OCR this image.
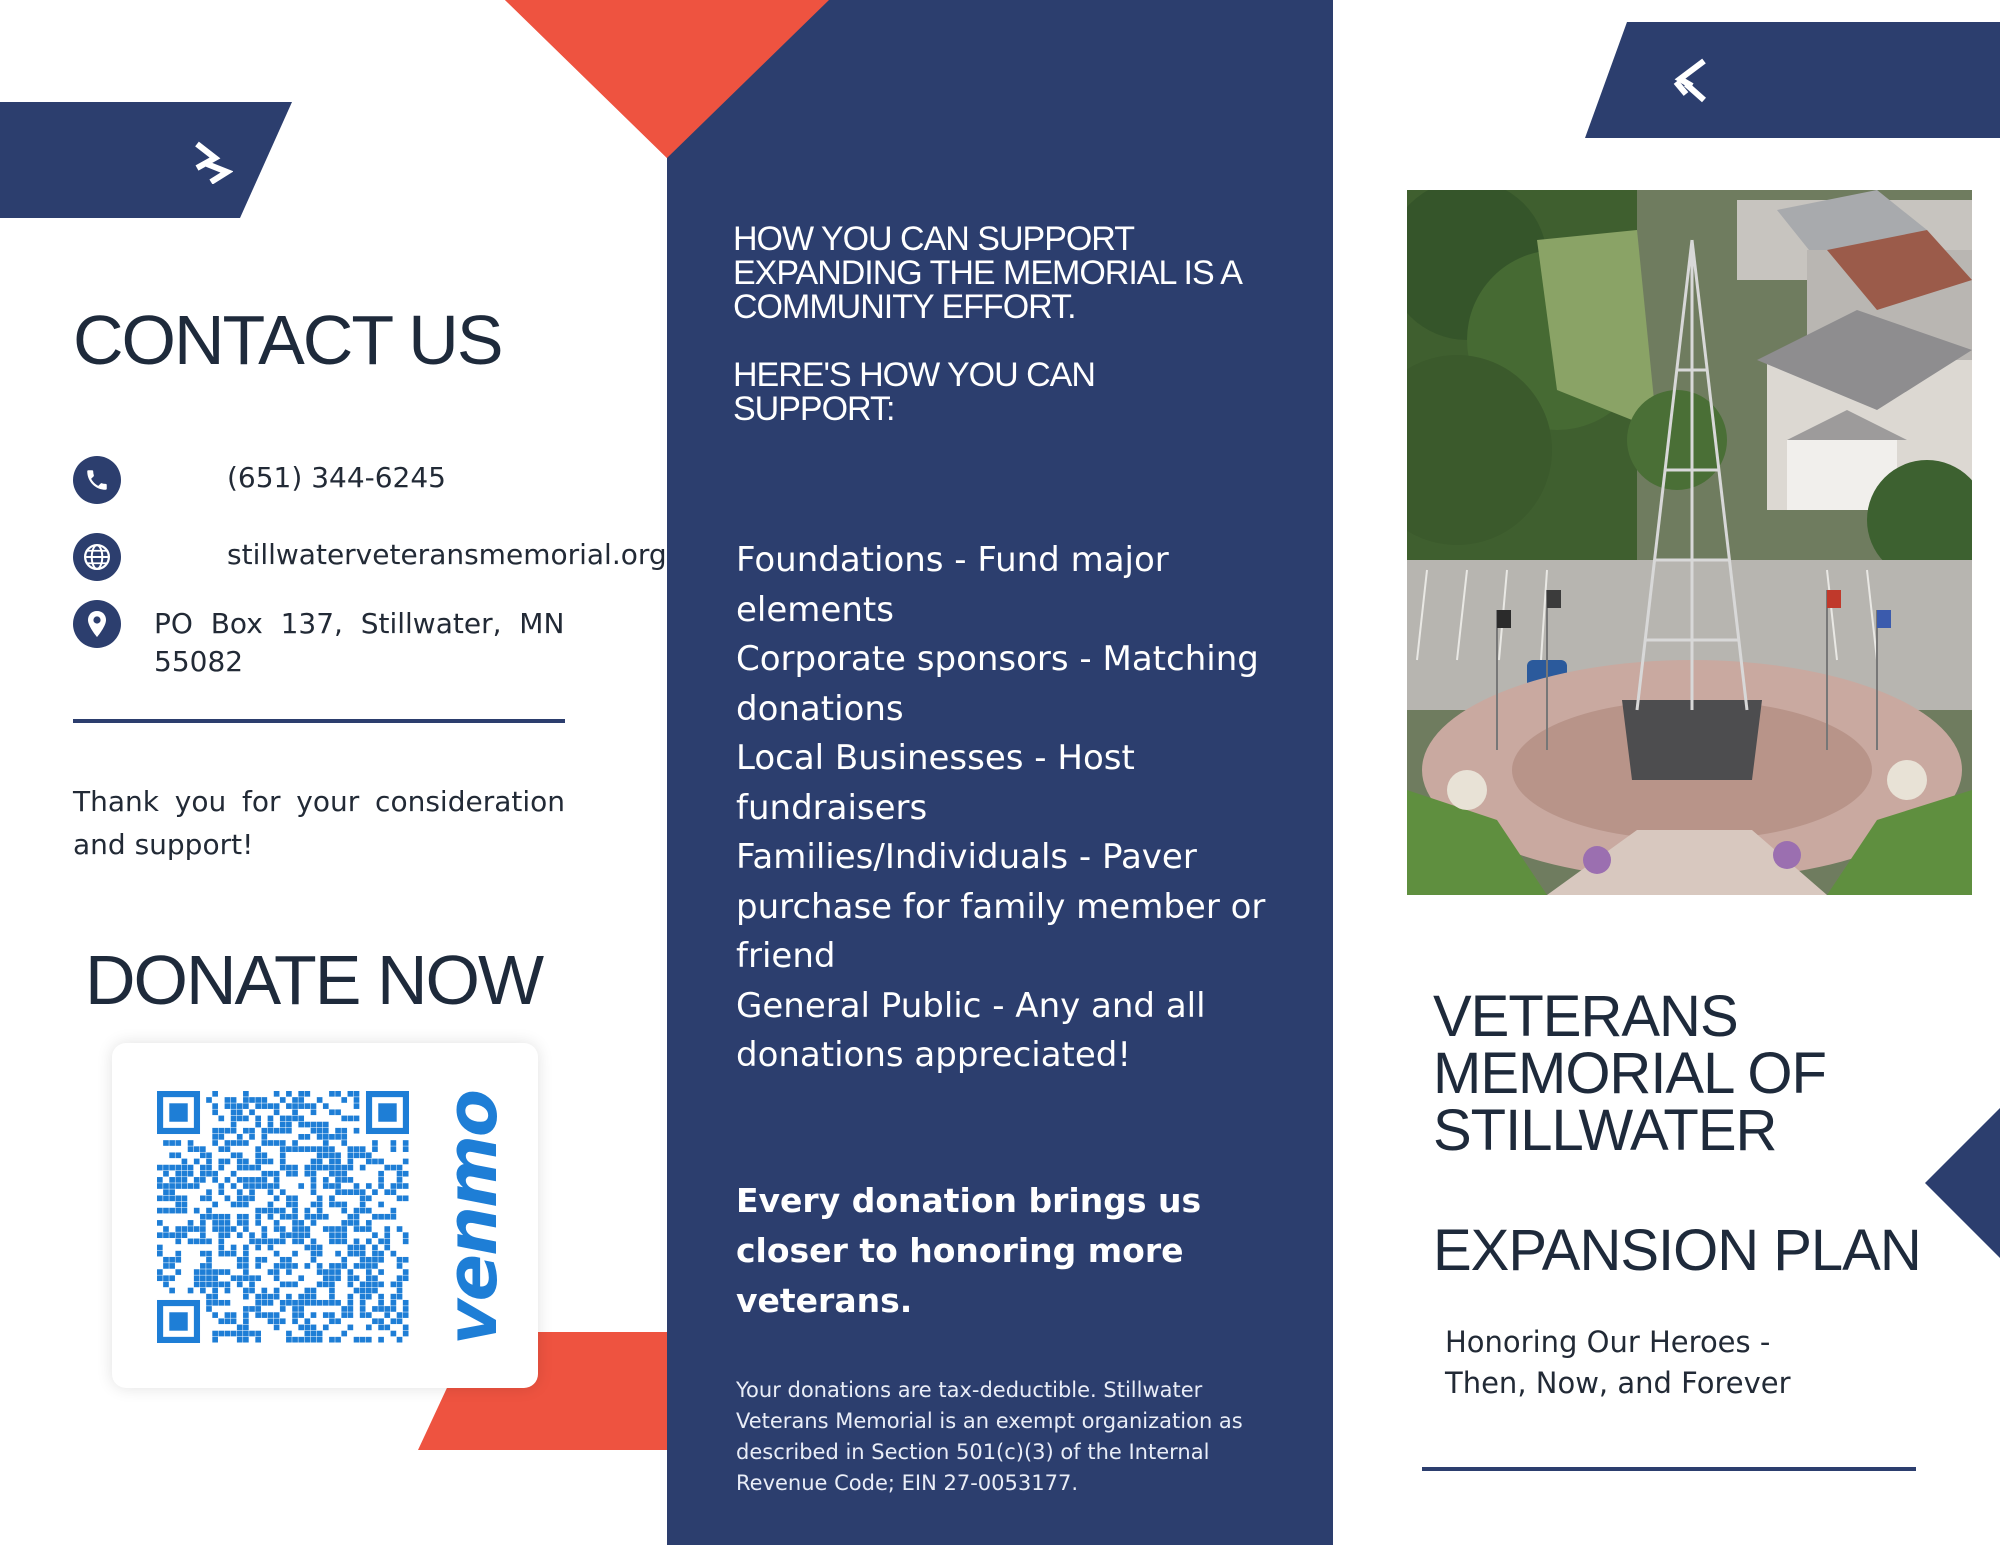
CONTACT US
(651) 344-6245
stillwaterveteransmemorial.org
PO  Box  137,  Stillwater,  MN
55082
Thank you for your consideration and support!
DONATE NOW
venmo
HOW YOU CAN SUPPORT
EXPANDING THE MEMORIAL IS A
COMMUNITY EFFORT.
HERE'S HOW YOU CAN
SUPPORT:
Foundations - Fund major elements
Corporate sponsors - Matching donations
Local Businesses - Host fundraisers
Families/Individuals - Paver purchase for family member or friend
General Public - Any and all donations appreciated!
Every donation brings us closer to honoring more veterans.
Your donations are tax-deductible. Stillwater Veterans Memorial is an exempt organization as described in Section 501(c)(3) of the Internal Revenue Code; EIN 27-0053177.
VETERANS
MEMORIAL OF
STILLWATER
EXPANSION PLAN
Honoring Our Heroes -
Then, Now, and Forever
